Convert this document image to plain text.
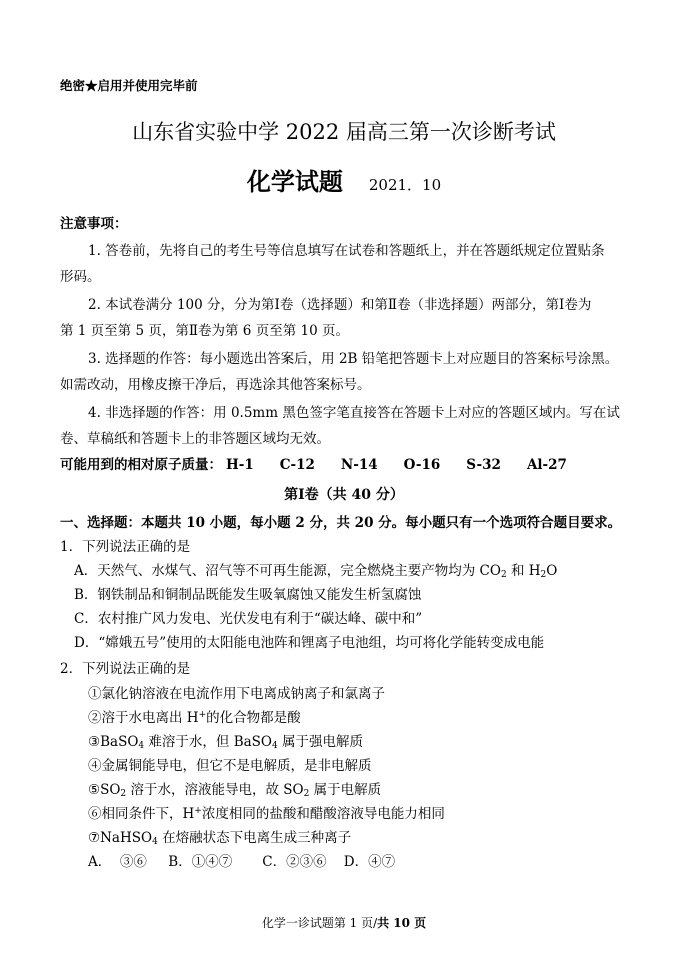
绝密★启用并使用完毕前
山东省实验中学 2022 届高三第一次诊断考试
化学试题 2021．10
注意事项：
1. 答卷前，先将自己的考生号等信息填写在试卷和答题纸上，并在答题纸规定位置贴条
形码。
2. 本试卷满分 100 分，分为第Ⅰ卷（选择题）和第Ⅱ卷（非选择题）两部分，第Ⅰ卷为
第 1 页至第 5 页，第Ⅱ卷为第 6 页至第 10 页。
3. 选择题的作答：每小题选出答案后，用 2B 铅笔把答题卡上对应题目的答案标号涂黑。
如需改动，用橡皮擦干净后，再选涂其他答案标号。
4. 非选择题的作答：用 0.5mm 黑色签字笔直接答在答题卡上对应的答题区域内。写在试
卷、草稿纸和答题卡上的非答题区域均无效。
可能用到的相对原子质量： H-1 C-12 N-14 O-16 S-32 Al-27
第Ⅰ卷（共 40 分）
一、选择题：本题共 10 小题，每小题 2 分，共 20 分。每小题只有一个选项符合题目要求。
1．下列说法正确的是
A．天然气、水煤气、沼气等不可再生能源，完全燃烧主要产物均为 $CO_2$ 和 $H_2O$
B．钢铁制品和铜制品既能发生吸氧腐蚀又能发生析氢腐蚀
C．农村推广风力发电、光伏发电有利于“碳达峰、碳中和”
D．“嫦娥五号”使用的太阳能电池阵和锂离子电池组，均可将化学能转变成电能
2．下列说法正确的是
①氯化钠溶液在电流作用下电离成钠离子和氯离子
②溶于水电离出 H+的化合物都是酸
③BaSO$_4$ 难溶于水，但 BaSO$_4$ 属于强电解质
④金属铜能导电，但它不是电解质，是非电解质
$⑤SO_2$ 溶于水，溶液能导电，故 $SO_2$ 属于电解质
⑥相同条件下，H+浓度相同的盐酸和醋酸溶液导电能力相同
⑦NaHSO$_4$ 在熔融状态下电离生成三种离子
A．  ③⑥     B．①④⑦       C．②③⑥    D．④⑦
化学一诊试题第 1 页/共 10 页
